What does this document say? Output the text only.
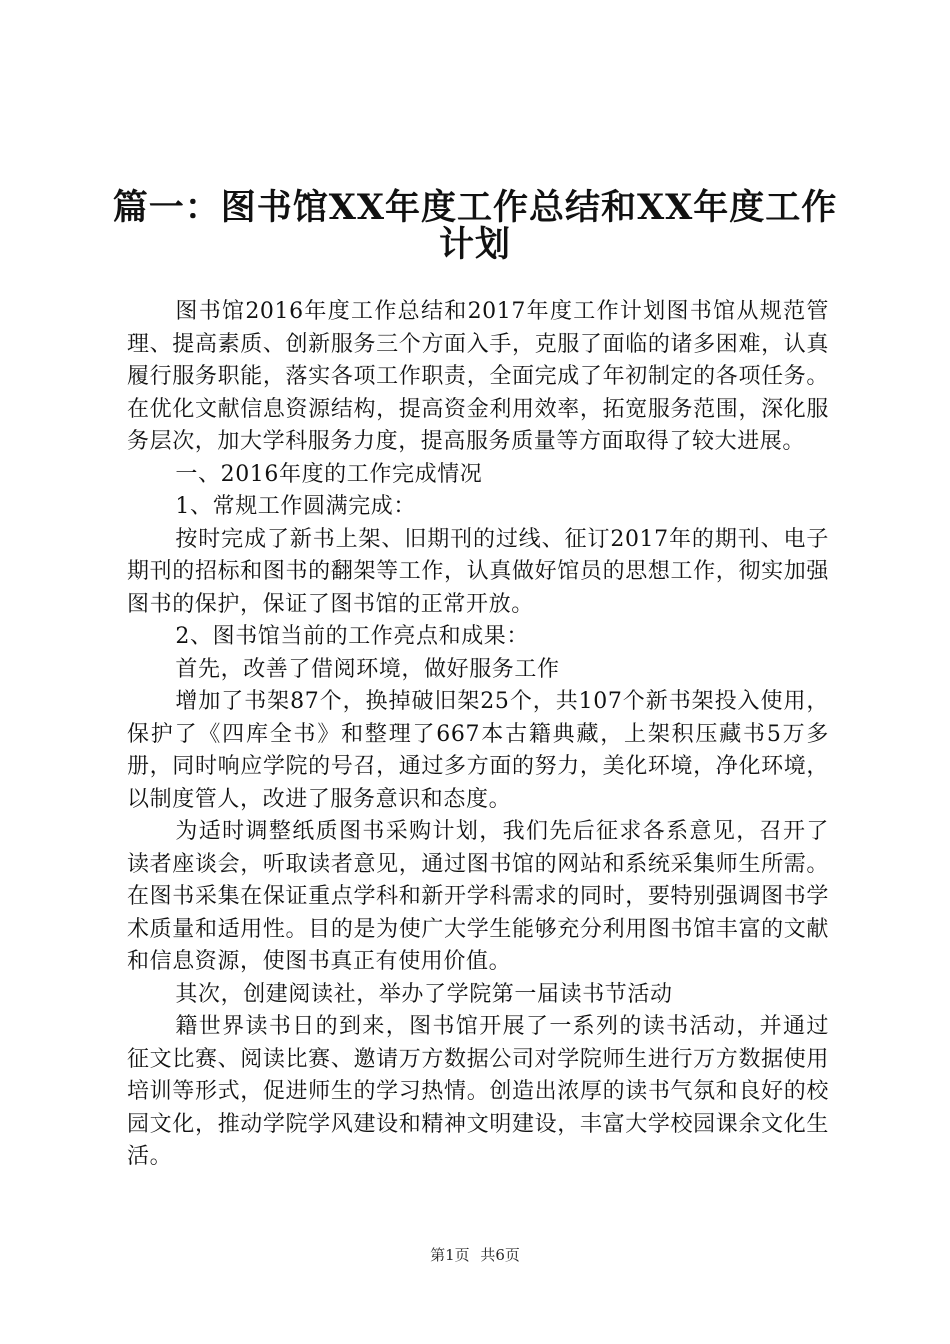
篇一：图书馆XX年度工作总结和XX年度工作
计划

图书馆2016年度工作总结和2017年度工作计划图书馆从规范管理、提高素质、创新服务三个方面入手，克服了面临的诸多困难，认真履行服务职能，落实各项工作职责，全面完成了年初制定的各项任务。在优化文献信息资源结构，提高资金利用效率，拓宽服务范围，深化服务层次，加大学科服务力度，提高服务质量等方面取得了较大进展。

一、2016年度的工作完成情况

1、常规工作圆满完成：

按时完成了新书上架、旧期刊的过线、征订2017年的期刊、电子期刊的招标和图书的翻架等工作，认真做好馆员的思想工作，彻实加强图书的保护，保证了图书馆的正常开放。

2、图书馆当前的工作亮点和成果：

首先，改善了借阅环境，做好服务工作

增加了书架87个，换掉破旧架25个，共107个新书架投入使用，保护了《四库全书》和整理了667本古籍典藏，上架积压藏书5万多册，同时响应学院的号召，通过多方面的努力，美化环境，净化环境，以制度管人，改进了服务意识和态度。

为适时调整纸质图书采购计划，我们先后征求各系意见，召开了读者座谈会，听取读者意见，通过图书馆的网站和系统采集师生所需。在图书采集在保证重点学科和新开学科需求的同时，要特别强调图书学术质量和适用性。目的是为使广大学生能够充分利用图书馆丰富的文献和信息资源，使图书真正有使用价值。

其次，创建阅读社，举办了学院第一届读书节活动

籍世界读书日的到来，图书馆开展了一系列的读书活动，并通过征文比赛、阅读比赛、邀请万方数据公司对学院师生进行万方数据使用培训等形式，促进师生的学习热情。创造出浓厚的读书气氛和良好的校园文化，推动学院学风建设和精神文明建设，丰富大学校园课余文化生活。

第1页 共6页
